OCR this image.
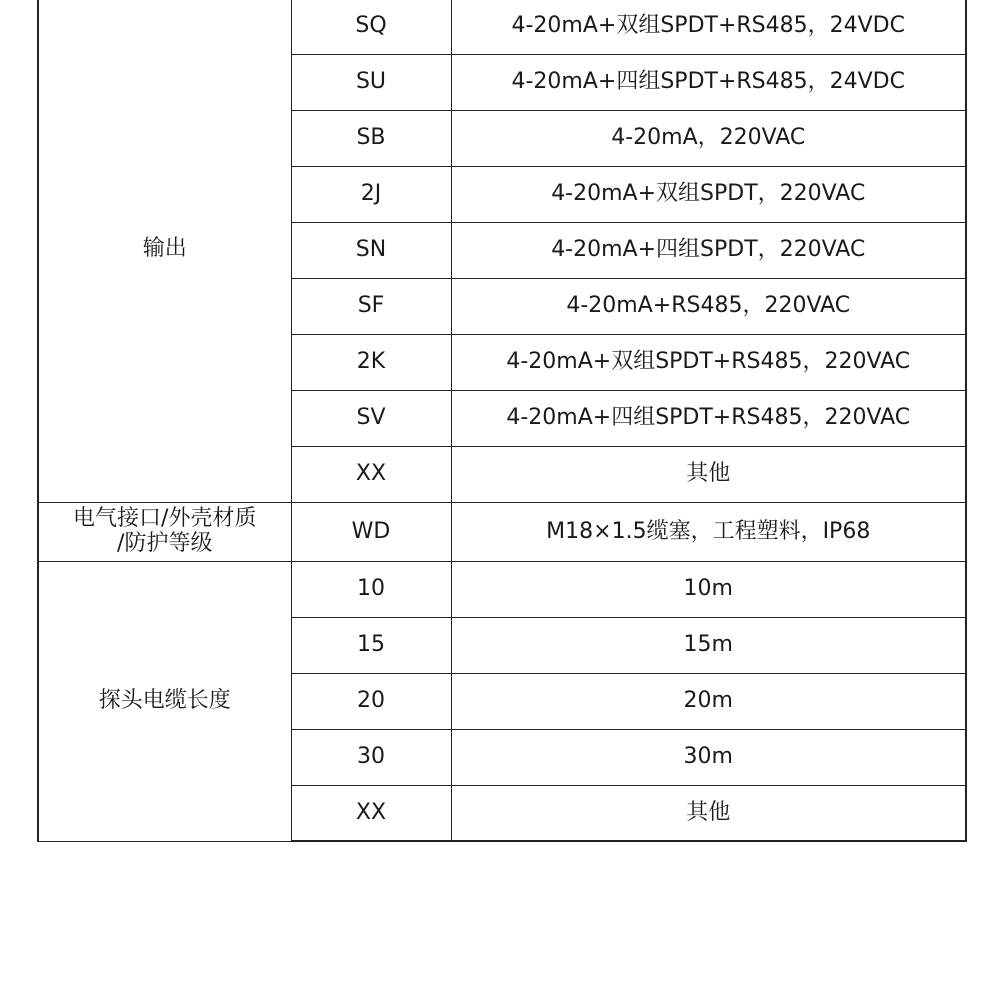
输出	SQ	4-20mA+双组SPDT+RS485，24VDC
	SU	4-20mA+四组SPDT+RS485，24VDC
	SB	4-20mA，220VAC
	2J	4-20mA+双组SPDT，220VAC
	SN	4-20mA+四组SPDT，220VAC
	SF	4-20mA+RS485，220VAC
	2K	4-20mA+双组SPDT+RS485，220VAC
	SV	4-20mA+四组SPDT+RS485，220VAC
	XX	其他

电气接口/外壳材质
/防护等级	WD	M18×1.5缆塞，工程塑料，IP68
探头电缆长度	10	10m
	15	15m
	20	20m
	30	30m
	XX	其他
